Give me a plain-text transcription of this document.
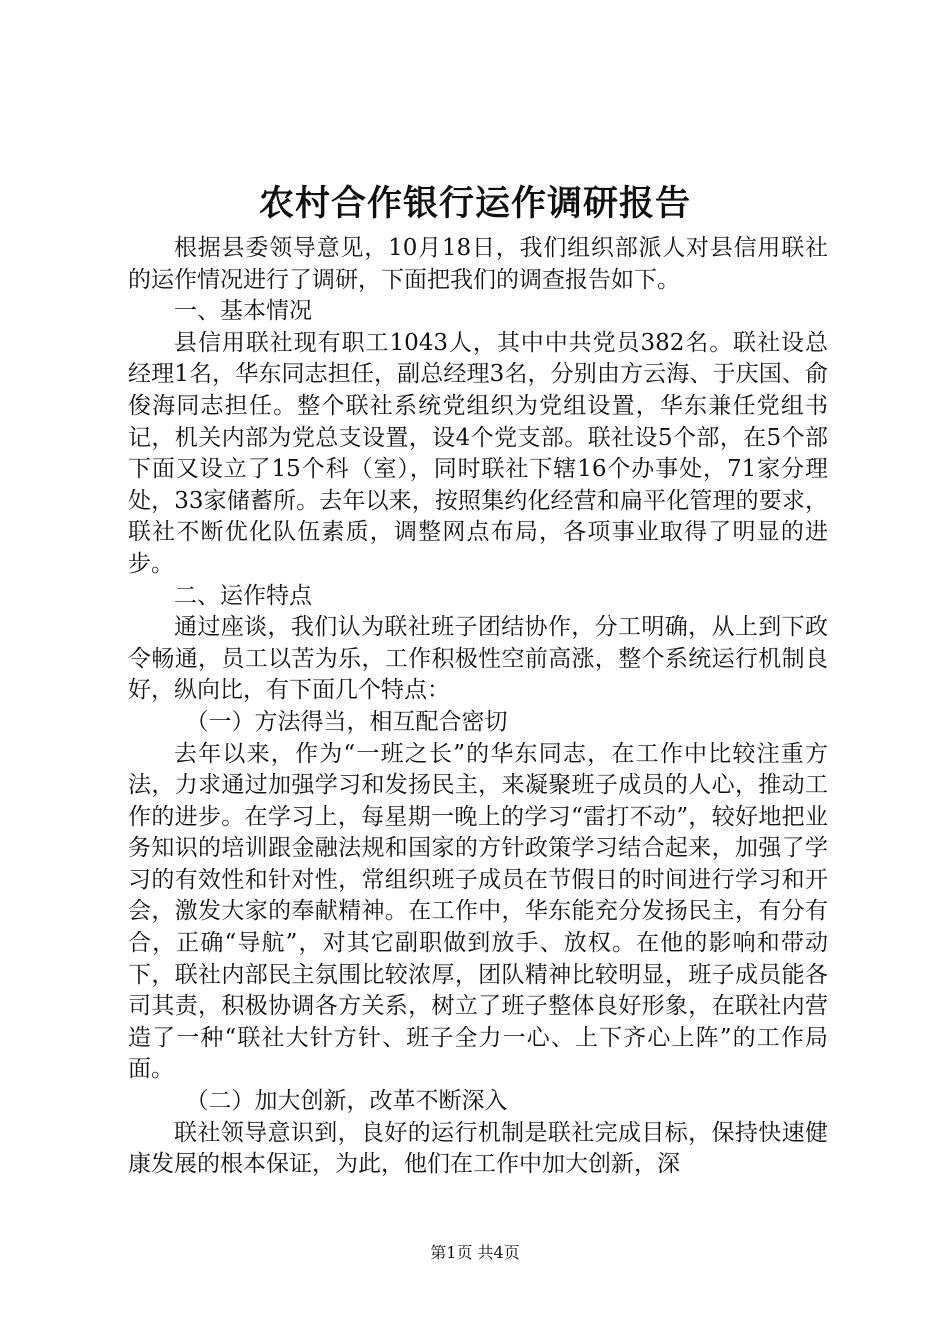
农村合作银行运作调研报告

根据县委领导意见，10月18日，我们组织部派人对县信用联社的运作情况进行了调研，下面把我们的调查报告如下。

一、基本情况

县信用联社现有职工1043人，其中中共党员382名。联社设总经理1名，华东同志担任，副总经理3名，分别由方云海、于庆国、俞俊海同志担任。整个联社系统党组织为党组设置，华东兼任党组书记，机关内部为党总支设置，设4个党支部。联社设5个部，在5个部下面又设立了15个科（室），同时联社下辖16个办事处，71家分理处，33家储蓄所。去年以来，按照集约化经营和扁平化管理的要求，联社不断优化队伍素质，调整网点布局，各项事业取得了明显的进步。

二、运作特点

通过座谈，我们认为联社班子团结协作，分工明确，从上到下政令畅通，员工以苦为乐，工作积极性空前高涨，整个系统运行机制良好，纵向比，有下面几个特点：

（一）方法得当，相互配合密切

去年以来，作为“一班之长”的华东同志，在工作中比较注重方法，力求通过加强学习和发扬民主，来凝聚班子成员的人心，推动工作的进步。在学习上，每星期一晚上的学习“雷打不动”，较好地把业务知识的培训跟金融法规和国家的方针政策学习结合起来，加强了学习的有效性和针对性，常组织班子成员在节假日的时间进行学习和开会，激发大家的奉献精神。在工作中，华东能充分发扬民主，有分有合，正确“导航”，对其它副职做到放手、放权。在他的影响和带动下，联社内部民主氛围比较浓厚，团队精神比较明显，班子成员能各司其责，积极协调各方关系，树立了班子整体良好形象，在联社内营造了一种“联社大针方针、班子全力一心、上下齐心上阵”的工作局面。

（二）加大创新，改革不断深入

联社领导意识到，良好的运行机制是联社完成目标，保持快速健康发展的根本保证，为此，他们在工作中加大创新，深

第1页 共4页
